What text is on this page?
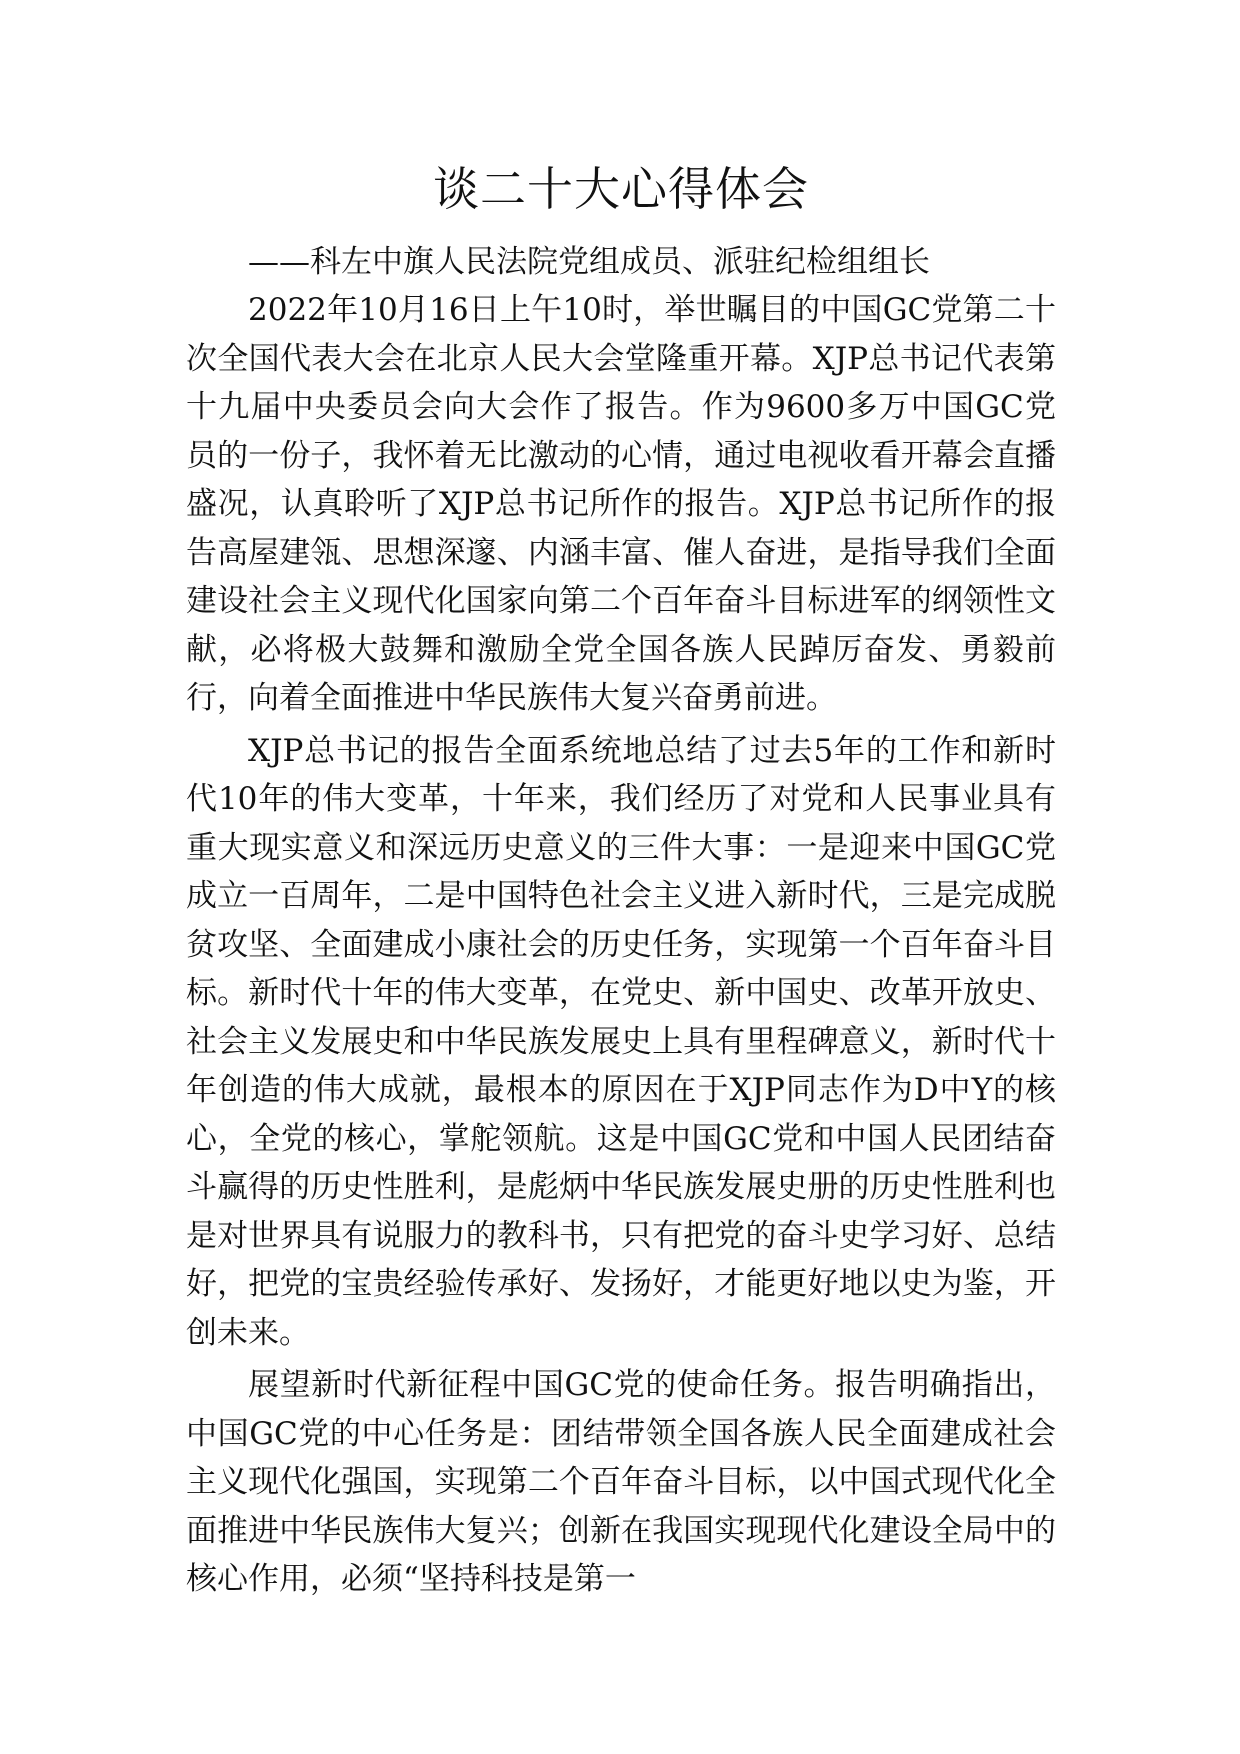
谈二十大心得体会

——科左中旗人民法院党组成员、派驻纪检组组长

2022年10月16日上午10时，举世瞩目的中国GC党第二十次全国代表大会在北京人民大会堂隆重开幕。XJP总书记代表第十九届中央委员会向大会作了报告。作为9600多万中国GC党员的一份子，我怀着无比激动的心情，通过电视收看开幕会直播盛况，认真聆听了XJP总书记所作的报告。XJP总书记所作的报告高屋建瓴、思想深邃、内涵丰富、催人奋进，是指导我们全面建设社会主义现代化国家向第二个百年奋斗目标进军的纲领性文献，必将极大鼓舞和激励全党全国各族人民踔厉奋发、勇毅前行，向着全面推进中华民族伟大复兴奋勇前进。

XJP总书记的报告全面系统地总结了过去5年的工作和新时代10年的伟大变革，十年来，我们经历了对党和人民事业具有重大现实意义和深远历史意义的三件大事：一是迎来中国GC党成立一百周年，二是中国特色社会主义进入新时代，三是完成脱贫攻坚、全面建成小康社会的历史任务，实现第一个百年奋斗目标。新时代十年的伟大变革，在党史、新中国史、改革开放史、社会主义发展史和中华民族发展史上具有里程碑意义，新时代十年创造的伟大成就，最根本的原因在于XJP同志作为D中Y的核心，全党的核心，掌舵领航。这是中国GC党和中国人民团结奋斗赢得的历史性胜利，是彪炳中华民族发展史册的历史性胜利也是对世界具有说服力的教科书，只有把党的奋斗史学习好、总结好，把党的宝贵经验传承好、发扬好，才能更好地以史为鉴，开创未来。

展望新时代新征程中国GC党的使命任务。报告明确指出，中国GC党的中心任务是：团结带领全国各族人民全面建成社会主义现代化强国，实现第二个百年奋斗目标，以中国式现代化全面推进中华民族伟大复兴；创新在我国实现现代化建设全局中的核心作用，必须“坚持科技是第一
